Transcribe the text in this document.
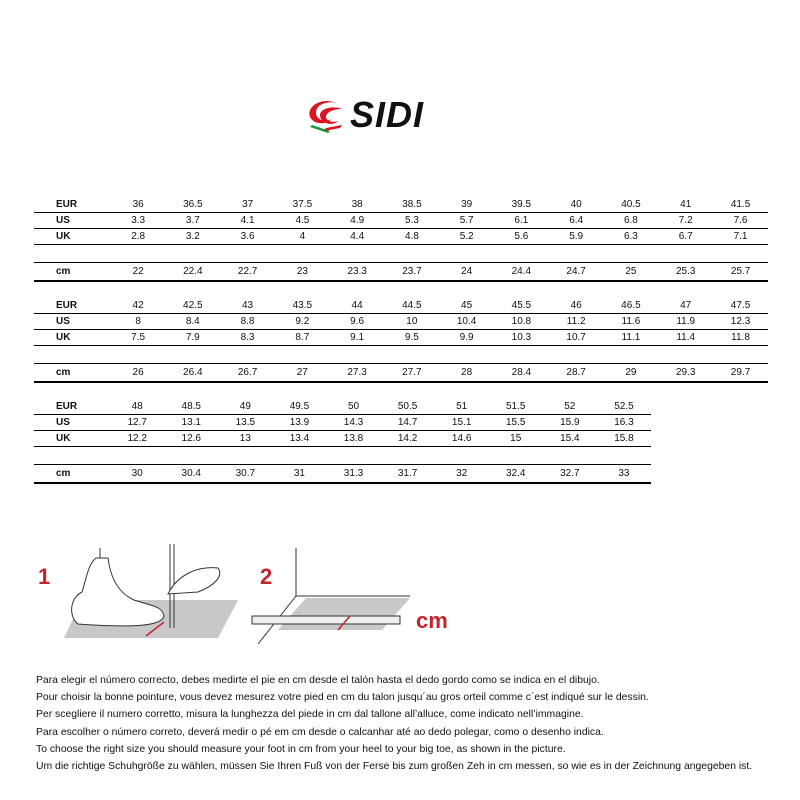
SIDI
EUR	36	36.5	37	37.5	38	38.5	39	39.5	40	40.5	41	41.5
US	3.3	3.7	4.1	4.5	4.9	5.3	5.7	6.1	6.4	6.8	7.2	7.6
UK	2.8	3.2	3.6	4	4.4	4.8	5.2	5.6	5.9	6.3	6.7	7.1

cm	22	22.4	22.7	23	23.3	23.7	24	24.4	24.7	25	25.3	25.7
EUR	42	42.5	43	43.5	44	44.5	45	45.5	46	46.5	47	47.5
US	8	8.4	8.8	9.2	9.6	10	10.4	10.8	11.2	11.6	11.9	12.3
UK	7.5	7.9	8.3	8.7	9.1	9.5	9.9	10.3	10.7	11.1	11.4	11.8

cm	26	26.4	26.7	27	27.3	27.7	28	28.4	28.7	29	29.3	29.7
EUR	48	48.5	49	49.5	50	50.5	51	51.5	52	52.5
US	12.7	13.1	13.5	13.9	14.3	14.7	15.1	15.5	15.9	16.3
UK	12.2	12.6	13	13.4	13.8	14.2	14.6	15	15.4	15.8

cm	30	30.4	30.7	31	31.3	31.7	32	32.4	32.7	33
1	2
cm
Para elegir el número correcto, debes medirte el pie en cm desde el talón hasta el dedo gordo como se indica en el dibujo.
Pour choisir la bonne pointure, vous devez mesurez votre pied en cm du talon jusqu´au gros orteil comme c´est indiqué sur le dessin.
Per scegliere il numero corretto, misura la lunghezza del piede in cm dal tallone all’alluce, come indicato nell’immagine.
Para escolher o número correto, deverá medir o pé em cm desde o calcanhar até ao dedo polegar, como o desenho indica.
To choose the right size you should measure your foot in cm from your heel to your big toe, as shown in the picture.
Um die richtige Schuhgröße zu wählen, müssen Sie Ihren Fuß von der Ferse bis zum großen Zeh in cm messen, so wie es in der Zeichnung angegeben ist.
